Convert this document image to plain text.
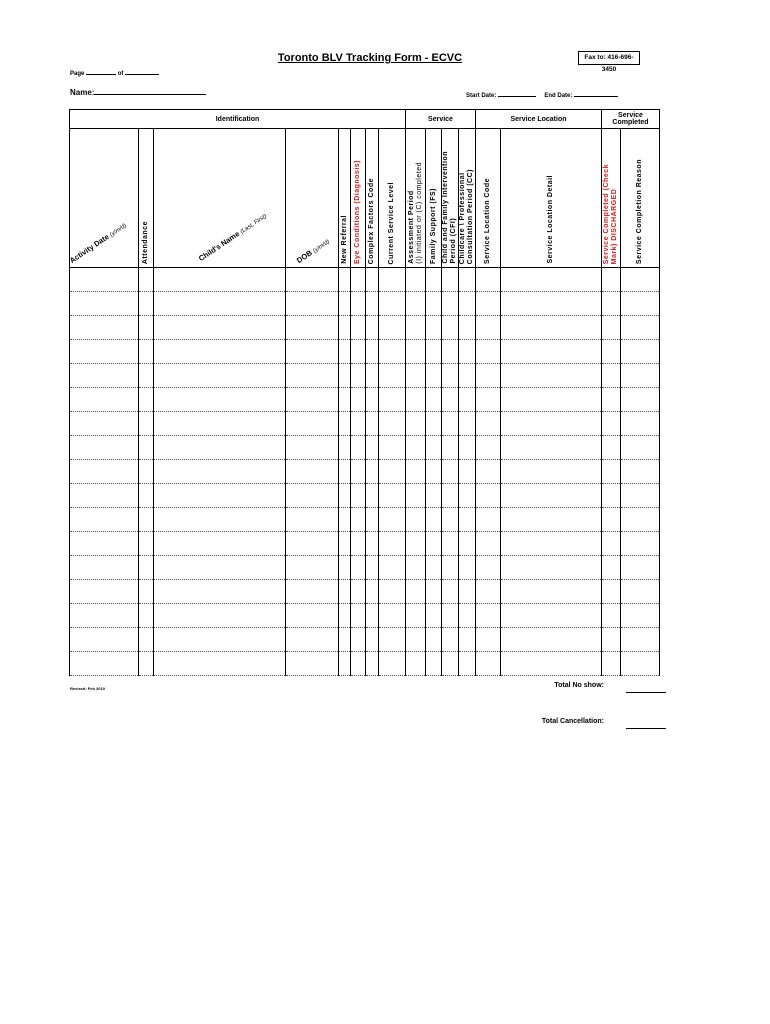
Toronto BLV Tracking Form - ECVC	Fax to: 416-696-3450
Page	of
Name:	Start Date:	End Date:
Identification								Service				Service Location		Service Completed	

Activity Date (y/m/d)	Attendance	Child's Name (Last, First)	DOB (y/m/d)	New Referral	Eye Conditions (Diagnosis)	Complex Factors Code	Current Service Level	Assessment Period
(I) initiated or (C) completed	Family Support (FS)	Child and Family Intervention
Period (CFI)	Childcare \ Professional
Consultation Period (CC)	Service Location Code	Service Location Detail	Service Completed (Check
Mark) DISCHARGED	Service Completion Reason

Revised: Feb 2019	Total No show:
Total Cancellation:
